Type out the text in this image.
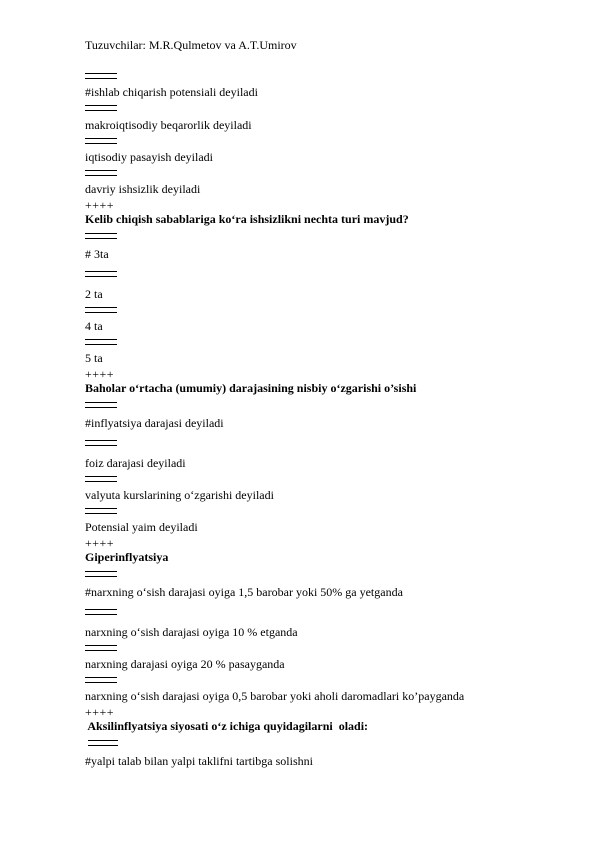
Tuzuvchilar: M.R.Qulmetov va A.T.Umirov
#ishlab chiqarish potensiali deyiladi
makroiqtisodiy beqarorlik deyiladi
iqtisodiy pasayish deyiladi
davriy ishsizlik deyiladi
++++
Kelib chiqish sabablariga ko‘ra ishsizlikni nechta turi mavjud?
# 3ta
2 ta
4 ta
5 ta
++++
Baholar o‘rtacha (umumiy) darajasining nisbiy o‘zgarishi o’sishi
#inflyatsiya darajasi deyiladi
foiz darajasi deyiladi
valyuta kurslarining o‘zgarishi deyiladi
Potensial yaim deyiladi
++++
Giperinflyatsiya
#narxning o‘sish darajasi oyiga 1,5 barobar yoki 50% ga yetganda
narxning o‘sish darajasi oyiga 10 % etganda
narxning darajasi oyiga 20 % pasayganda
narxning o‘sish darajasi oyiga 0,5 barobar yoki aholi daromadlari ko’payganda
++++
Aksilinflyatsiya siyosati o‘z ichiga quyidagilarni  oladi:
#yalpi talab bilan yalpi taklifni tartibga solishni
